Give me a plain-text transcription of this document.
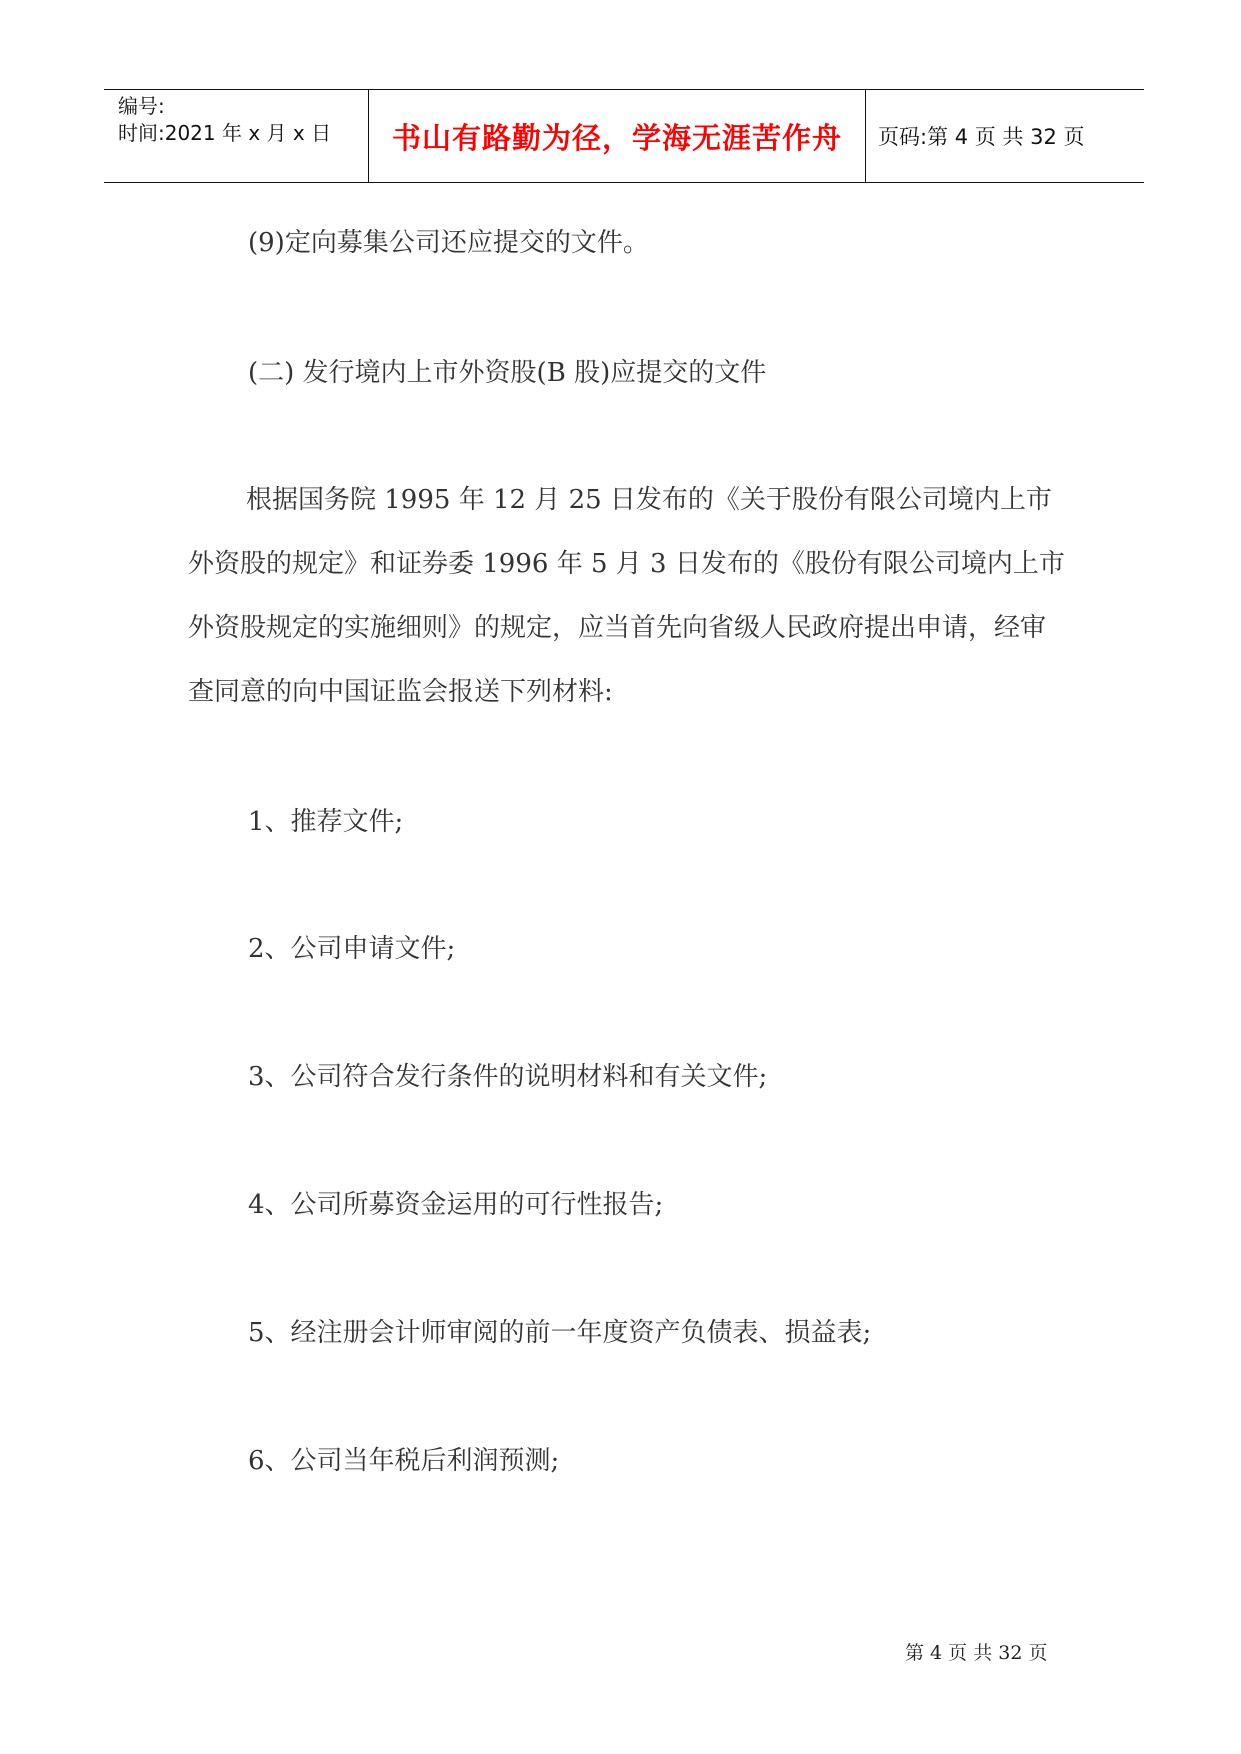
编号:
时间:2021 年 x 月 x 日	书山有路勤为径，学海无涯苦作舟 页码:第 4 页 共 32 页
(9)定向募集公司还应提交的文件。
(二) 发行境内上市外资股(B 股)应提交的文件

根据国务院 1995 年 12 月 25 日发布的《关于股份有限公司境内上市外资股的规定》和证券委 1996 年 5 月 3 日发布的《股份有限公司境内上市外资股规定的实施细则》的规定，应当首先向省级人民政府提出申请，经审查同意的向中国证监会报送下列材料:

1、推荐文件;
2、公司申请文件;
3、公司符合发行条件的说明材料和有关文件;
4、公司所募资金运用的可行性报告;
5、经注册会计师审阅的前一年度资产负债表、损益表;
6、公司当年税后利润预测;
第 4 页 共 32 页
